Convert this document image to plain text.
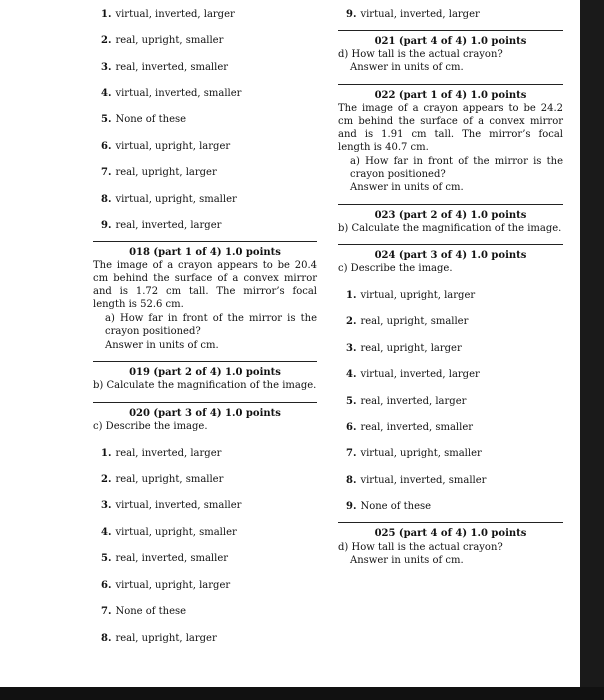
1. virtual, inverted, larger
2. real, upright, smaller
3. real, inverted, smaller
4. virtual, inverted, smaller
5. None of these
6. virtual, upright, larger
7. real, upright, larger
8. virtual, upright, smaller
9. real, inverted, larger
018 (part 1 of 4) 1.0 points
The image of a crayon appears to be 20.4 cm behind the surface of a convex mirror and is 1.72 cm tall. The mirror’s focal length is 52.6 cm.
a) How far in front of the mirror is the crayon positioned?
Answer in units of cm.
019 (part 2 of 4) 1.0 points
b) Calculate the magnification of the image.
020 (part 3 of 4) 1.0 points
c) Describe the image.
1. real, inverted, larger
2. real, upright, smaller
3. virtual, inverted, smaller
4. virtual, upright, smaller
5. real, inverted, smaller
6. virtual, upright, larger
7. None of these
8. real, upright, larger
9. virtual, inverted, larger
021 (part 4 of 4) 1.0 points
d) How tall is the actual crayon?
Answer in units of cm.
022 (part 1 of 4) 1.0 points
The image of a crayon appears to be 24.2 cm behind the surface of a convex mirror and is 1.91 cm tall. The mirror’s focal length is 40.7 cm.
a) How far in front of the mirror is the crayon positioned?
Answer in units of cm.
023 (part 2 of 4) 1.0 points
b) Calculate the magnification of the image.
024 (part 3 of 4) 1.0 points
c) Describe the image.
1. virtual, upright, larger
2. real, upright, smaller
3. real, upright, larger
4. virtual, inverted, larger
5. real, inverted, larger
6. real, inverted, smaller
7. virtual, upright, smaller
8. virtual, inverted, smaller
9. None of these
025 (part 4 of 4) 1.0 points
d) How tall is the actual crayon?
Answer in units of cm.
